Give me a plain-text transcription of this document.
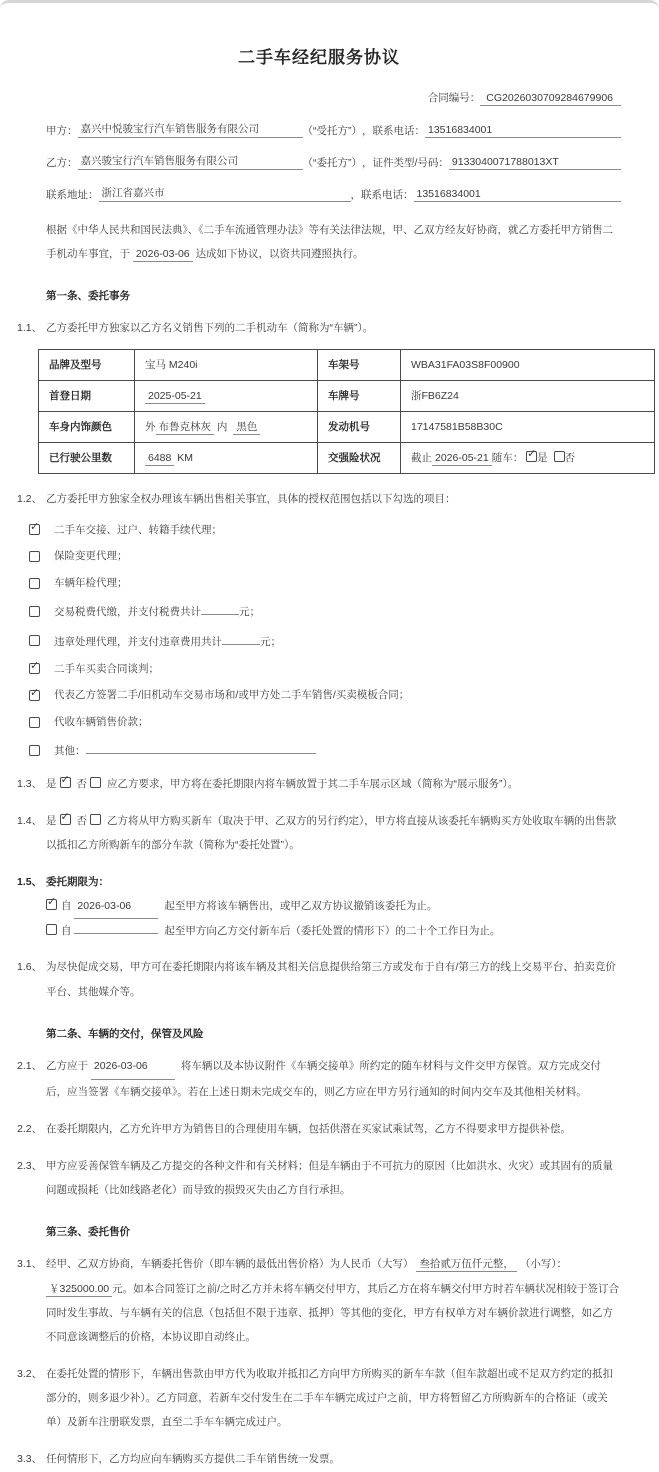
二手车经纪服务协议
合同编号： CG2026030709284679906
甲方： 嘉兴中悦骏宝行汽车销售服务有限公司	（“受托方”） ，联系电话： 13516834001
乙方： 嘉兴骏宝行汽车销售服务有限公司	（“委托方”） ，证件类型/号码： 9133040071788013XT
联系地址： 浙江省嘉兴市	，联系电话： 13516834001

根据《中华人民共和国民法典》、《二手车流通管理办法》等有关法律法规，甲、乙双方经友好协商，就乙方委托甲方销售二手机动车事宜，于 2026-03-06 达成如下协议，以资共同遵照执行。

第一条、委托事务
1.1、 乙方委托甲方独家以乙方名义销售下列的二手机动车（简称为“车辆”）。
品牌及型号	宝马 M240i	车架号	WBA31FA03S8F00900
首登日期	2025-05-21	车牌号	浙FB6Z24
车身内饰颜色	外 布鲁克林灰 内 黑色	发动机号	17147581B58B30C
已行驶公里数	6488 KM	交强险状况	截止 2026-05-21 随车： ✓ 是 否
1.2、 乙方委托甲方独家全权办理该车辆出售相关事宜，具体的授权范围包括以下勾选的项目：
✓
二手车交接、过户、转籍手续代理；
保险变更代理；
车辆年检代理；
交易税费代缴，并支付税费共计	元；
违章处理代理，并支付违章费用共计	元；
✓
二手车买卖合同谈判；
✓
代表乙方签署二手/旧机动车交易市场和/或甲方处二手车销售/买卖模板合同；
代收车辆销售价款；
其他：
1.3、 是 ✓ 否 应乙方要求，甲方将在委托期限内将车辆放置于其二手车展示区域（简称为“展示服务”）。
1.4、 是 ✓ 否 乙方将从甲方购买新车（取决于甲、乙双方的另行约定），甲方将直接从该委托车辆购买方处收取车辆的出售款以抵扣乙方所购新车的部分车款（简称为“委托处置”）。
1.5、 委托期限为：
✓自 2026-03-06	起至甲方将该车辆售出，或甲乙双方协议撤销该委托为止。
自	起至甲方向乙方交付新车后（委托处置的情形下）的二十个工作日为止。
1.6、 为尽快促成交易，甲方可在委托期限内将该车辆及其相关信息提供给第三方或发布于自有/第三方的线上交易平台、拍卖竞价平台、其他媒介等。
第二条、车辆的交付，保管及风险
2.1、 乙方应于 2026-03-06	将车辆以及本协议附件《车辆交接单》所约定的随车材料与文件交甲方保管。双方完成交付后，应当签署《车辆交接单》。若在上述日期未完成交车的，则乙方应在甲方另行通知的时间内交车及其他相关材料。
2.2、 在委托期限内，乙方允许甲方为销售目的合理使用车辆，包括供潜在买家试乘试驾，乙方不得要求甲方提供补偿。
2.3、 甲方应妥善保管车辆及乙方提交的各种文件和有关材料；但是车辆由于不可抗力的原因（比如洪水、火灾）或其固有的质量问题或损耗（比如线路老化）而导致的损毁灭失由乙方自行承担。
第三条、委托售价
3.1、 经甲、乙双方协商，车辆委托售价（即车辆的最低出售价格）为人民币（大写） 叁拾贰万伍仟元整， （小写）： ￥325000.00 元。如本合同签订之前/之时乙方并未将车辆交付甲方，其后乙方在将车辆交付甲方时若车辆状况相较于签订合同时发生事故、与车辆有关的信息（包括但不限于违章、抵押）等其他的变化，甲方有权单方对车辆价款进行调整，如乙方不同意该调整后的价格，本协议即自动终止。
3.2、 在委托处置的情形下，车辆出售款由甲方代为收取并抵扣乙方向甲方所购买的新车车款（但车款超出或不足双方约定的抵扣部分的，则多退少补）。乙方同意，若新车交付发生在二手车车辆完成过户之前，甲方将暂留乙方所购新车的合格证（或关单）及新车注册联发票，直至二手车车辆完成过户。
3.3、 任何情形下，乙方均应向车辆购买方提供二手车销售统一发票。
